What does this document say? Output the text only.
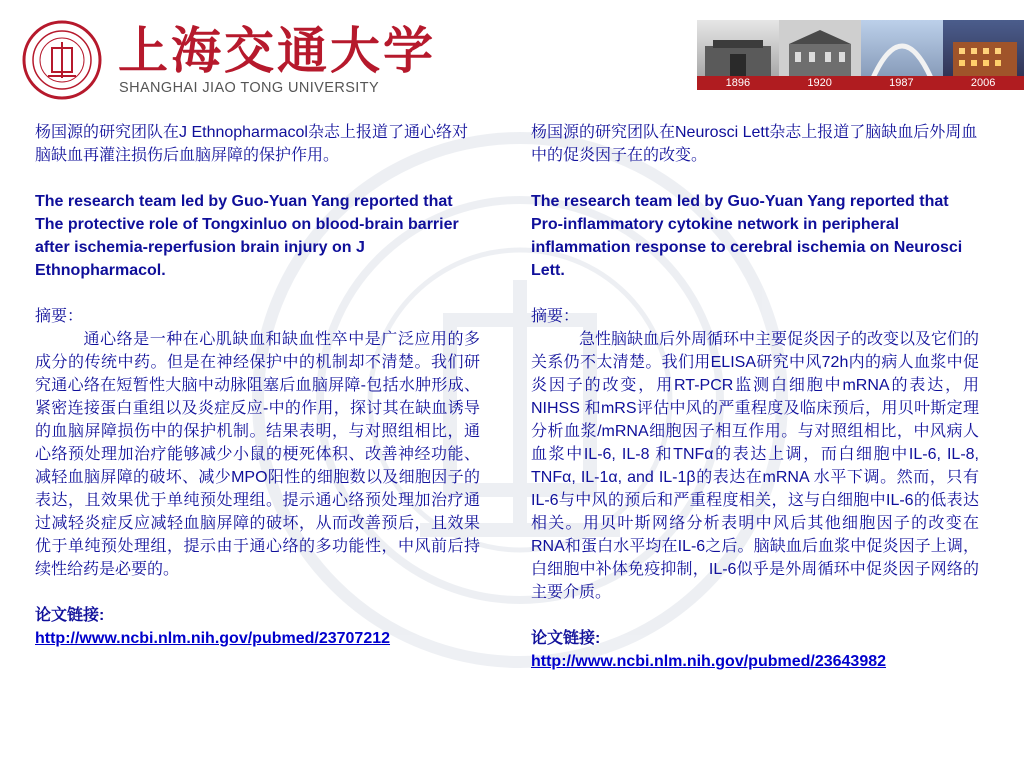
上海交通大学
SHANGHAI JIAO TONG UNIVERSITY	1896	1920	1987	2006

杨国源的研究团队在J Ethnopharmacol杂志上报道了通心络对脑缺血再灌注损伤后血脑屏障的保护作用。

The research team led by Guo-Yuan Yang reported that The protective role of Tongxinluo on blood-brain barrier after ischemia-reperfusion brain injury on J Ethnopharmacol.

摘要：

通心络是一种在心肌缺血和缺血性卒中是广泛应用的多成分的传统中药。但是在神经保护中的机制却不清楚。我们研究通心络在短暂性大脑中动脉阻塞后血脑屏障-包括水肿形成、紧密连接蛋白重组以及炎症反应-中的作用，探讨其在缺血诱导的血脑屏障损伤中的保护机制。结果表明，与对照组相比，通心络预处理加治疗能够减少小鼠的梗死体积、改善神经功能、减轻血脑屏障的破坏、减少MPO阳性的细胞数以及细胞因子的表达，且效果优于单纯预处理组。提示通心络预处理加治疗通过减轻炎症反应减轻血脑屏障的破坏，从而改善预后，且效果优于单纯预处理组，提示由于通心络的多功能性，中风前后持续性给药是必要的。

论文链接:

http://www.ncbi.nlm.nih.gov/pubmed/23707212

杨国源的研究团队在Neurosci Lett杂志上报道了脑缺血后外周血中的促炎因子在的改变。

The research team led by Guo-Yuan Yang reported that Pro-inflammatory cytokine network in peripheral inflammation response to cerebral ischemia on Neurosci Lett.

摘要：

急性脑缺血后外周循环中主要促炎因子的改变以及它们的关系仍不太清楚。我们用ELISA研究中风72h内的病人血浆中促炎因子的改变，用RT-PCR监测白细胞中mRNA的表达，用NIHSS 和mRS评估中风的严重程度及临床预后，用贝叶斯定理分析血浆/mRNA细胞因子相互作用。与对照组相比，中风病人血浆中IL-6, IL-8 和TNFα的表达上调，而白细胞中IL-6, IL-8, TNFα, IL-1α, and IL-1β的表达在mRNA 水平下调。然而，只有IL-6与中风的预后和严重程度相关，这与白细胞中IL-6的低表达相关。用贝叶斯网络分析表明中风后其他细胞因子的改变在RNA和蛋白水平均在IL-6之后。脑缺血后血浆中促炎因子上调，白细胞中补体免疫抑制，IL-6似乎是外周循环中促炎因子网络的主要介质。

论文链接:

http://www.ncbi.nlm.nih.gov/pubmed/23643982
